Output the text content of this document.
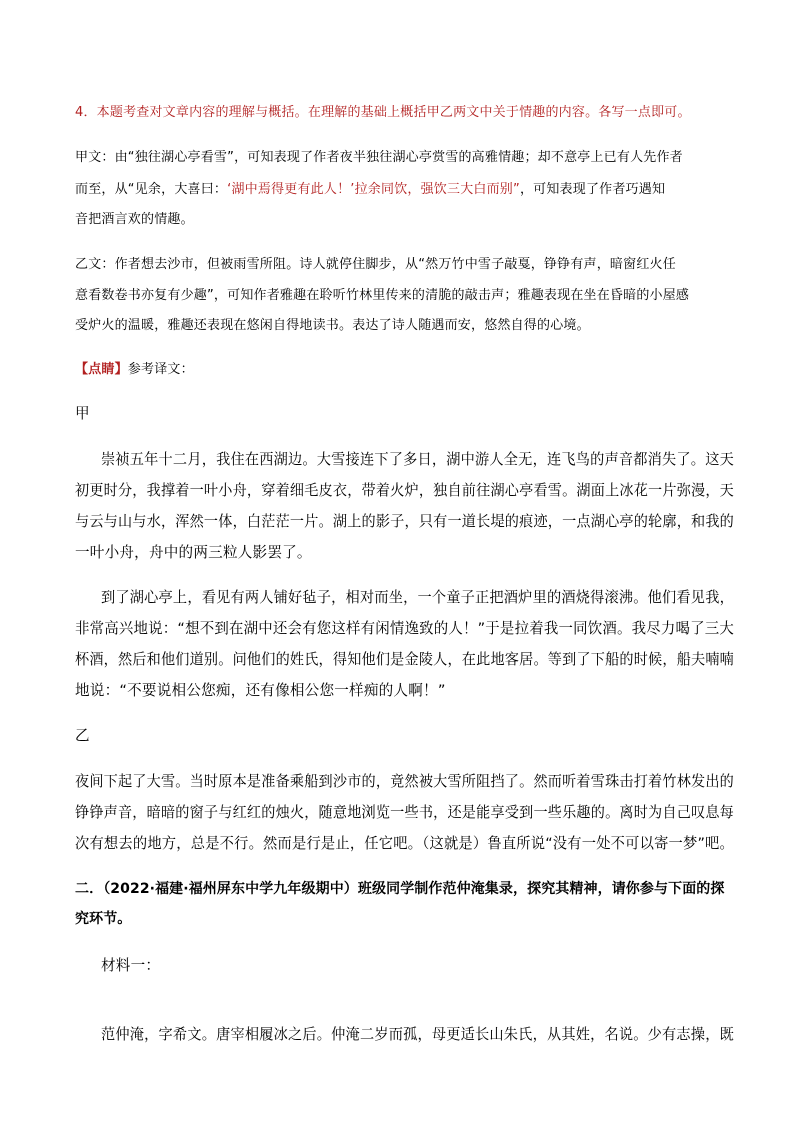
4．本题考查对文章内容的理解与概括。在理解的基础上概括甲乙两文中关于情趣的内容。各写一点即可。
甲文：由“独往湖心亭看雪”，可知表现了作者夜半独往湖心亭赏雪的高雅情趣；却不意亭上已有人先作者
而至，从“见余，大喜曰：‘湖中焉得更有此人！’拉余同饮，强饮三大白而别”，可知表现了作者巧遇知
音把酒言欢的情趣。
乙文：作者想去沙市，但被雨雪所阻。诗人就停住脚步，从“然万竹中雪子敲戛，铮铮有声，暗窗红火任
意看数卷书亦复有少趣”，可知作者雅趣在聆听竹林里传来的清脆的敲击声；雅趣表现在坐在昏暗的小屋感
受炉火的温暖，雅趣还表现在悠闲自得地读书。表达了诗人随遇而安，悠然自得的心境。
【点睛】参考译文：
甲
崇祯五年十二月，我住在西湖边。大雪接连下了多日，湖中游人全无，连飞鸟的声音都消失了。这天
初更时分，我撑着一叶小舟，穿着细毛皮衣，带着火炉，独自前往湖心亭看雪。湖面上冰花一片弥漫，天
与云与山与水，浑然一体，白茫茫一片。湖上的影子，只有一道长堤的痕迹，一点湖心亭的轮廓，和我的
一叶小舟，舟中的两三粒人影罢了。
到了湖心亭上，看见有两人铺好毡子，相对而坐，一个童子正把酒炉里的酒烧得滚沸。他们看见我，
非常高兴地说：“想不到在湖中还会有您这样有闲情逸致的人！”于是拉着我一同饮酒。我尽力喝了三大
杯酒，然后和他们道别。问他们的姓氏，得知他们是金陵人，在此地客居。等到了下船的时候，船夫喃喃
地说：“不要说相公您痴，还有像相公您一样痴的人啊！”
乙
夜间下起了大雪。当时原本是准备乘船到沙市的，竟然被大雪所阻挡了。然而听着雪珠击打着竹林发出的
铮铮声音，暗暗的窗子与红红的烛火，随意地浏览一些书，还是能享受到一些乐趣的。离时为自己叹息每
次有想去的地方，总是不行。然而是行是止，任它吧。（这就是）鲁直所说“没有一处不可以寄一梦”吧。
二．（2022·福建·福州屏东中学九年级期中）班级同学制作范仲淹集录，探究其精神，请你参与下面的探
究环节。
材料一：
范仲淹，字希文。唐宰相履冰之后。仲淹二岁而孤，母更适长山朱氏，从其姓，名说。少有志操，既
